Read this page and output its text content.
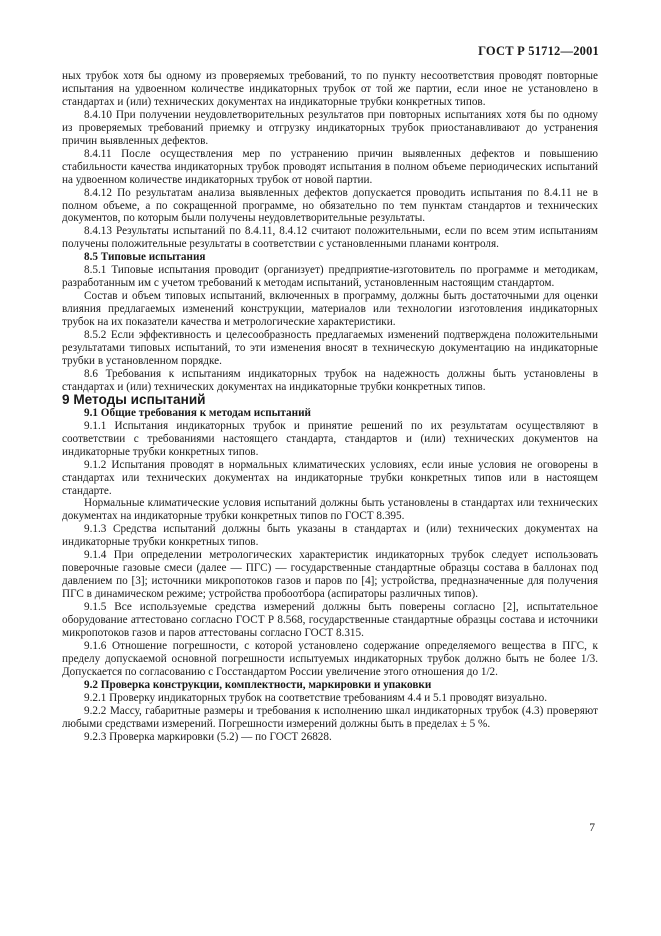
ГОСТ Р 51712—2001

ных трубок хотя бы одному из проверяемых требований, то по пункту несоответствия проводят повторные испытания на удвоенном количестве индикаторных трубок от той же партии, если иное не установлено в стандартах и (или) технических документах на индикаторные трубки конкретных типов.

8.4.10 При получении неудовлетворительных результатов при повторных испытаниях хотя бы по одному из проверяемых требований приемку и отгрузку индикаторных трубок приостанавливают до устранения причин выявленных дефектов.

8.4.11 После осуществления мер по устранению причин выявленных дефектов и повышению стабильности качества индикаторных трубок проводят испытания в полном объеме периодических испытаний на удвоенном количестве индикаторных трубок от новой партии.

8.4.12 По результатам анализа выявленных дефектов допускается проводить испытания по 8.4.11 не в полном объеме, а по сокращенной программе, но обязательно по тем пунктам стандартов и технических документов, по которым были получены неудовлетворительные результаты.

8.4.13 Результаты испытаний по 8.4.11, 8.4.12 считают положительными, если по всем этим испытаниям получены положительные результаты в соответствии с установленными планами контроля.

8.5 Типовые испытания

8.5.1 Типовые испытания проводит (организует) предприятие-изготовитель по программе и методикам, разработанным им с учетом требований к методам испытаний, установленным настоящим стандартом.

Состав и объем типовых испытаний, включенных в программу, должны быть достаточными для оценки влияния предлагаемых изменений конструкции, материалов или технологии изготовления индикаторных трубок на их показатели качества и метрологические характеристики.

8.5.2 Если эффективность и целесообразность предлагаемых изменений подтверждена положительными результатами типовых испытаний, то эти изменения вносят в техническую документацию на индикаторные трубки в установленном порядке.

8.6 Требования к испытаниям индикаторных трубок на надежность должны быть установлены в стандартах и (или) технических документах на индикаторные трубки конкретных типов.

9 Методы испытаний

9.1 Общие требования к методам испытаний

9.1.1 Испытания индикаторных трубок и принятие решений по их результатам осуществляют в соответствии с требованиями настоящего стандарта, стандартов и (или) технических документов на индикаторные трубки конкретных типов.

9.1.2 Испытания проводят в нормальных климатических условиях, если иные условия не оговорены в стандартах или технических документах на индикаторные трубки конкретных типов или в настоящем стандарте.

Нормальные климатические условия испытаний должны быть установлены в стандартах или технических документах на индикаторные трубки конкретных типов по ГОСТ 8.395.

9.1.3 Средства испытаний должны быть указаны в стандартах и (или) технических документах на индикаторные трубки конкретных типов.

9.1.4 При определении метрологических характеристик индикаторных трубок следует использовать поверочные газовые смеси (далее — ПГС) — государственные стандартные образцы состава в баллонах под давлением по [3]; источники микропотоков газов и паров по [4]; устройства, предназначенные для получения ПГС в динамическом режиме; устройства пробоотбора (аспираторы различных типов).

9.1.5 Все используемые средства измерений должны быть поверены согласно [2], испытательное оборудование аттестовано согласно ГОСТ Р 8.568, государственные стандартные образцы состава и источники микропотоков газов и паров аттестованы согласно ГОСТ 8.315.

9.1.6 Отношение погрешности, с которой установлено содержание определяемого вещества в ПГС, к пределу допускаемой основной погрешности испытуемых индикаторных трубок должно быть не более 1/3. Допускается по согласованию с Госстандартом России увеличение этого отношения до 1/2.

9.2 Проверка конструкции, комплектности, маркировки и упаковки

9.2.1 Проверку индикаторных трубок на соответствие требованиям 4.4 и 5.1 проводят визуально.

9.2.2 Массу, габаритные размеры и требования к исполнению шкал индикаторных трубок (4.3) проверяют любыми средствами измерений. Погрешности измерений должны быть в пределах ± 5 %.

9.2.3 Проверка маркировки (5.2) — по ГОСТ 26828.

7
